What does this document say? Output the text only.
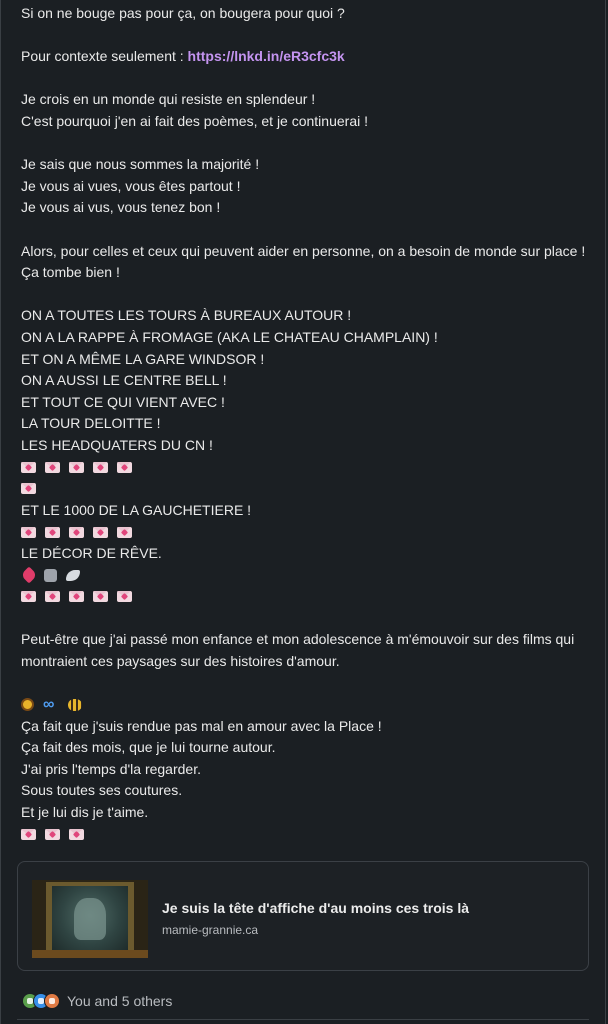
Si on ne bouge pas pour ça, on bougera pour quoi ?
Pour contexte seulement : https://lnkd.in/eR3cfc3k
Je crois en un monde qui resiste en splendeur !
C'est pourquoi j'en ai fait des poèmes, et je continuerai !
Je sais que nous sommes la majorité !
Je vous ai vues, vous êtes partout !
Je vous ai vus, vous tenez bon !
Alors, pour celles et ceux qui peuvent aider en personne, on a besoin de monde sur place ! Ça tombe bien !
ON A TOUTES LES TOURS À BUREAUX AUTOUR !
ON A LA RAPPE À FROMAGE (AKA LE CHATEAU CHAMPLAIN) !
ET ON A MÊME LA GARE WINDSOR !
ON A AUSSI LE CENTRE BELL !
ET TOUT CE QUI VIENT AVEC !
LA TOUR DELOITTE !
LES HEADQUATERS DU CN !
ET LE 1000 DE LA GAUCHETIERE !
LE DÉCOR DE RÊVE.
Peut-être que j'ai passé mon enfance et mon adolescence à m'émouvoir sur des films qui montraient ces paysages sur des histoires d'amour.
∞
Ça fait que j'suis rendue pas mal en amour avec la Place !
Ça fait des mois, que je lui tourne autour.
J'ai pris l'temps d'la regarder.
Sous toutes ses coutures.
Et je lui dis je t'aime.
Je suis la tête d'affiche d'au moins ces trois là
mamie-grannie.ca
You and 5 others
